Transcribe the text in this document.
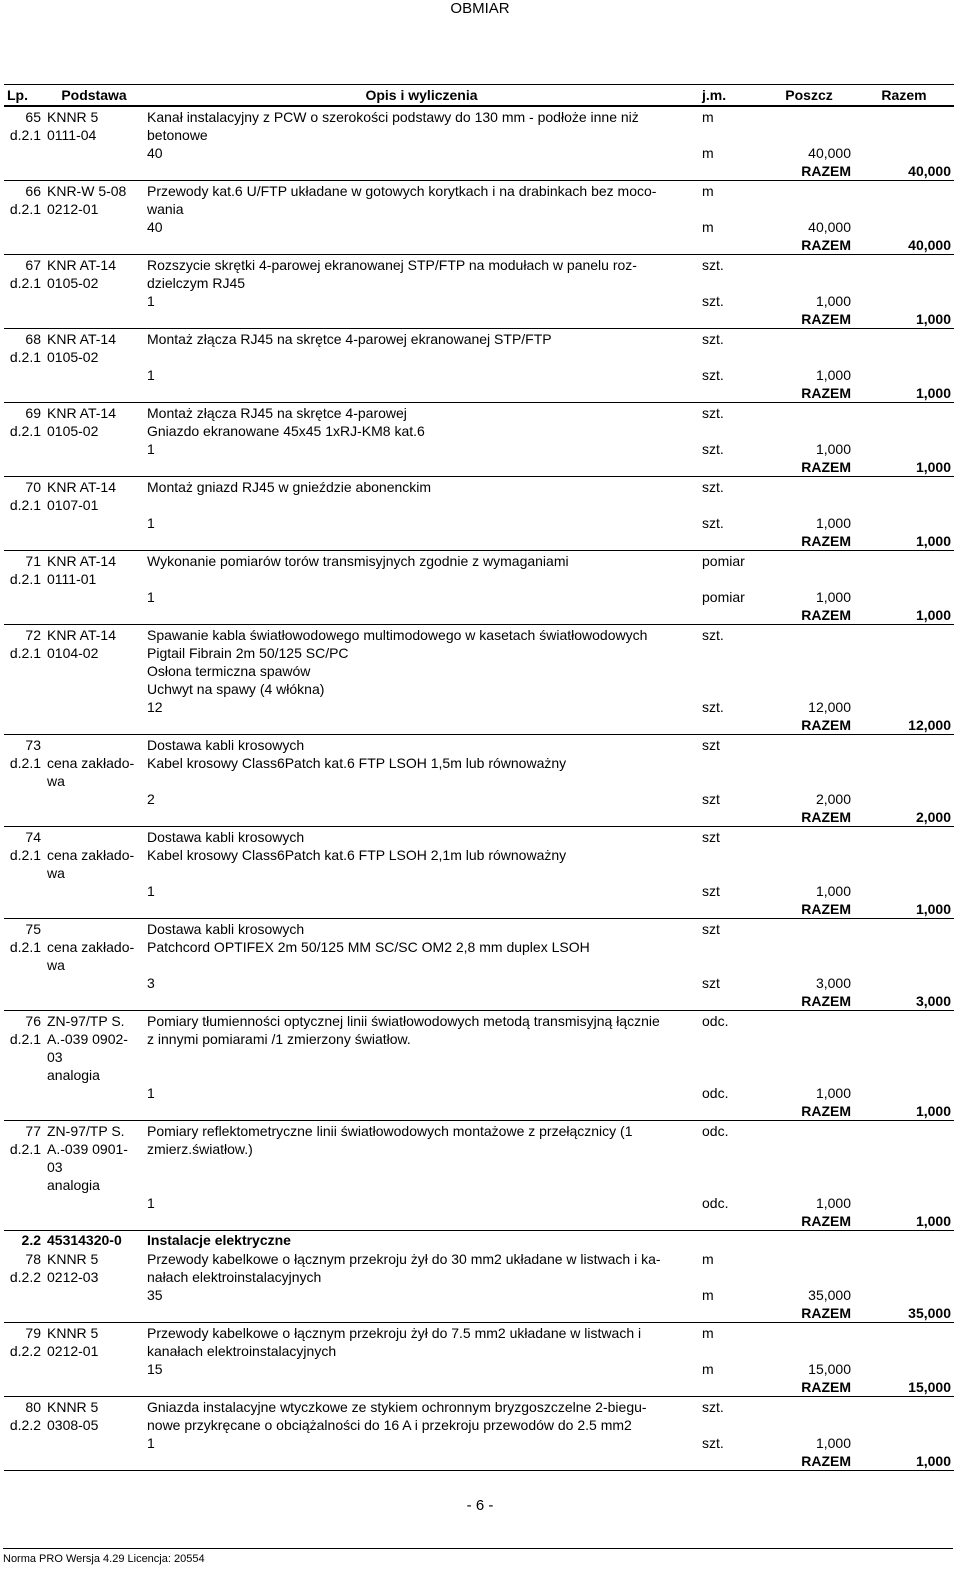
OBMIAR
Lp.	Podstawa	Opis i wyliczenia	j.m.	Poszcz	Razem
65	KNNR 5	Kanał instalacyjny z PCW o szerokości podstawy do 130 mm - podłoże inne niż	m		
d.2.1	0111-04	betonowe			
		40	m	40,000	
				RAZEM	40,000
66	KNR-W 5-08	Przewody kat.6 U/FTP układane w gotowych korytkach i na drabinkach bez moco-	m		
d.2.1	0212-01	wania			
		40	m	40,000	
				RAZEM	40,000
67	KNR AT-14	Rozszycie skrętki 4-parowej ekranowanej STP/FTP na modułach w panelu roz-	szt.		
d.2.1	0105-02	dzielczym RJ45			
		1	szt.	1,000	
				RAZEM	1,000
68	KNR AT-14	Montaż złącza RJ45 na skrętce 4-parowej ekranowanej STP/FTP	szt.		
d.2.1	0105-02				
		1	szt.	1,000	
				RAZEM	1,000
69	KNR AT-14	Montaż złącza RJ45 na skrętce 4-parowej	szt.		
d.2.1	0105-02	Gniazdo ekranowane 45x45 1xRJ-KM8 kat.6			
		1	szt.	1,000	
				RAZEM	1,000
70	KNR AT-14	Montaż gniazd RJ45 w gnieździe abonenckim	szt.		
d.2.1	0107-01				
		1	szt.	1,000	
				RAZEM	1,000
71	KNR AT-14	Wykonanie pomiarów torów transmisyjnych zgodnie z wymaganiami	pomiar		
d.2.1	0111-01				
		1	pomiar	1,000	
				RAZEM	1,000
72	KNR AT-14	Spawanie kabla światłowodowego multimodowego w kasetach światłowodowych	szt.		
d.2.1	0104-02	Pigtail Fibrain 2m 50/125 SC/PC			
		Osłona termiczna spawów			
		Uchwyt na spawy (4 włókna)			
		12	szt.	12,000	
				RAZEM	12,000
73		Dostawa kabli krosowych	szt		
d.2.1	cena zakłado-	Kabel krosowy Class6Patch kat.6 FTP LSOH 1,5m lub równoważny			
	wa				
		2	szt	2,000	
				RAZEM	2,000
74		Dostawa kabli krosowych	szt		
d.2.1	cena zakłado-	Kabel krosowy Class6Patch kat.6 FTP LSOH 2,1m lub równoważny			
	wa				
		1	szt	1,000	
				RAZEM	1,000
75		Dostawa kabli krosowych	szt		
d.2.1	cena zakłado-	Patchcord OPTIFEX 2m 50/125 MM SC/SC OM2 2,8 mm duplex LSOH			
	wa				
		3	szt	3,000	
				RAZEM	3,000
76	ZN-97/TP S.	Pomiary tłumienności optycznej linii światłowodowych metodą transmisyjną łącznie	odc.		
d.2.1	A.-039 0902-	z innymi pomiarami /1 zmierzony światłow.			
	03				
	analogia				
		1	odc.	1,000	
				RAZEM	1,000
77	ZN-97/TP S.	Pomiary reflektometryczne linii światłowodowych montażowe z przełącznicy (1	odc.		
d.2.1	A.-039 0901-	zmierz.światłow.)			
	03				
	analogia				
		1	odc.	1,000	
				RAZEM	1,000
2.2	45314320-0	Instalacje elektryczne			
78	KNNR 5	Przewody kabelkowe o łącznym przekroju żył do 30 mm2 układane w listwach i ka-	m		
d.2.2	0212-03	nałach elektroinstalacyjnych			
		35	m	35,000	
				RAZEM	35,000
79	KNNR 5	Przewody kabelkowe o łącznym przekroju żył do 7.5 mm2 układane w listwach i	m		
d.2.2	0212-01	kanałach elektroinstalacyjnych			
		15	m	15,000	
				RAZEM	15,000
80	KNNR 5	Gniazda instalacyjne wtyczkowe ze stykiem ochronnym bryzgoszczelne 2-biegu-	szt.		
d.2.2	0308-05	nowe przykręcane o obciążalności do 16 A i przekroju przewodów do 2.5 mm2			
		1	szt.	1,000	
				RAZEM	1,000
- 6 -
Norma PRO Wersja 4.29 Licencja: 20554
